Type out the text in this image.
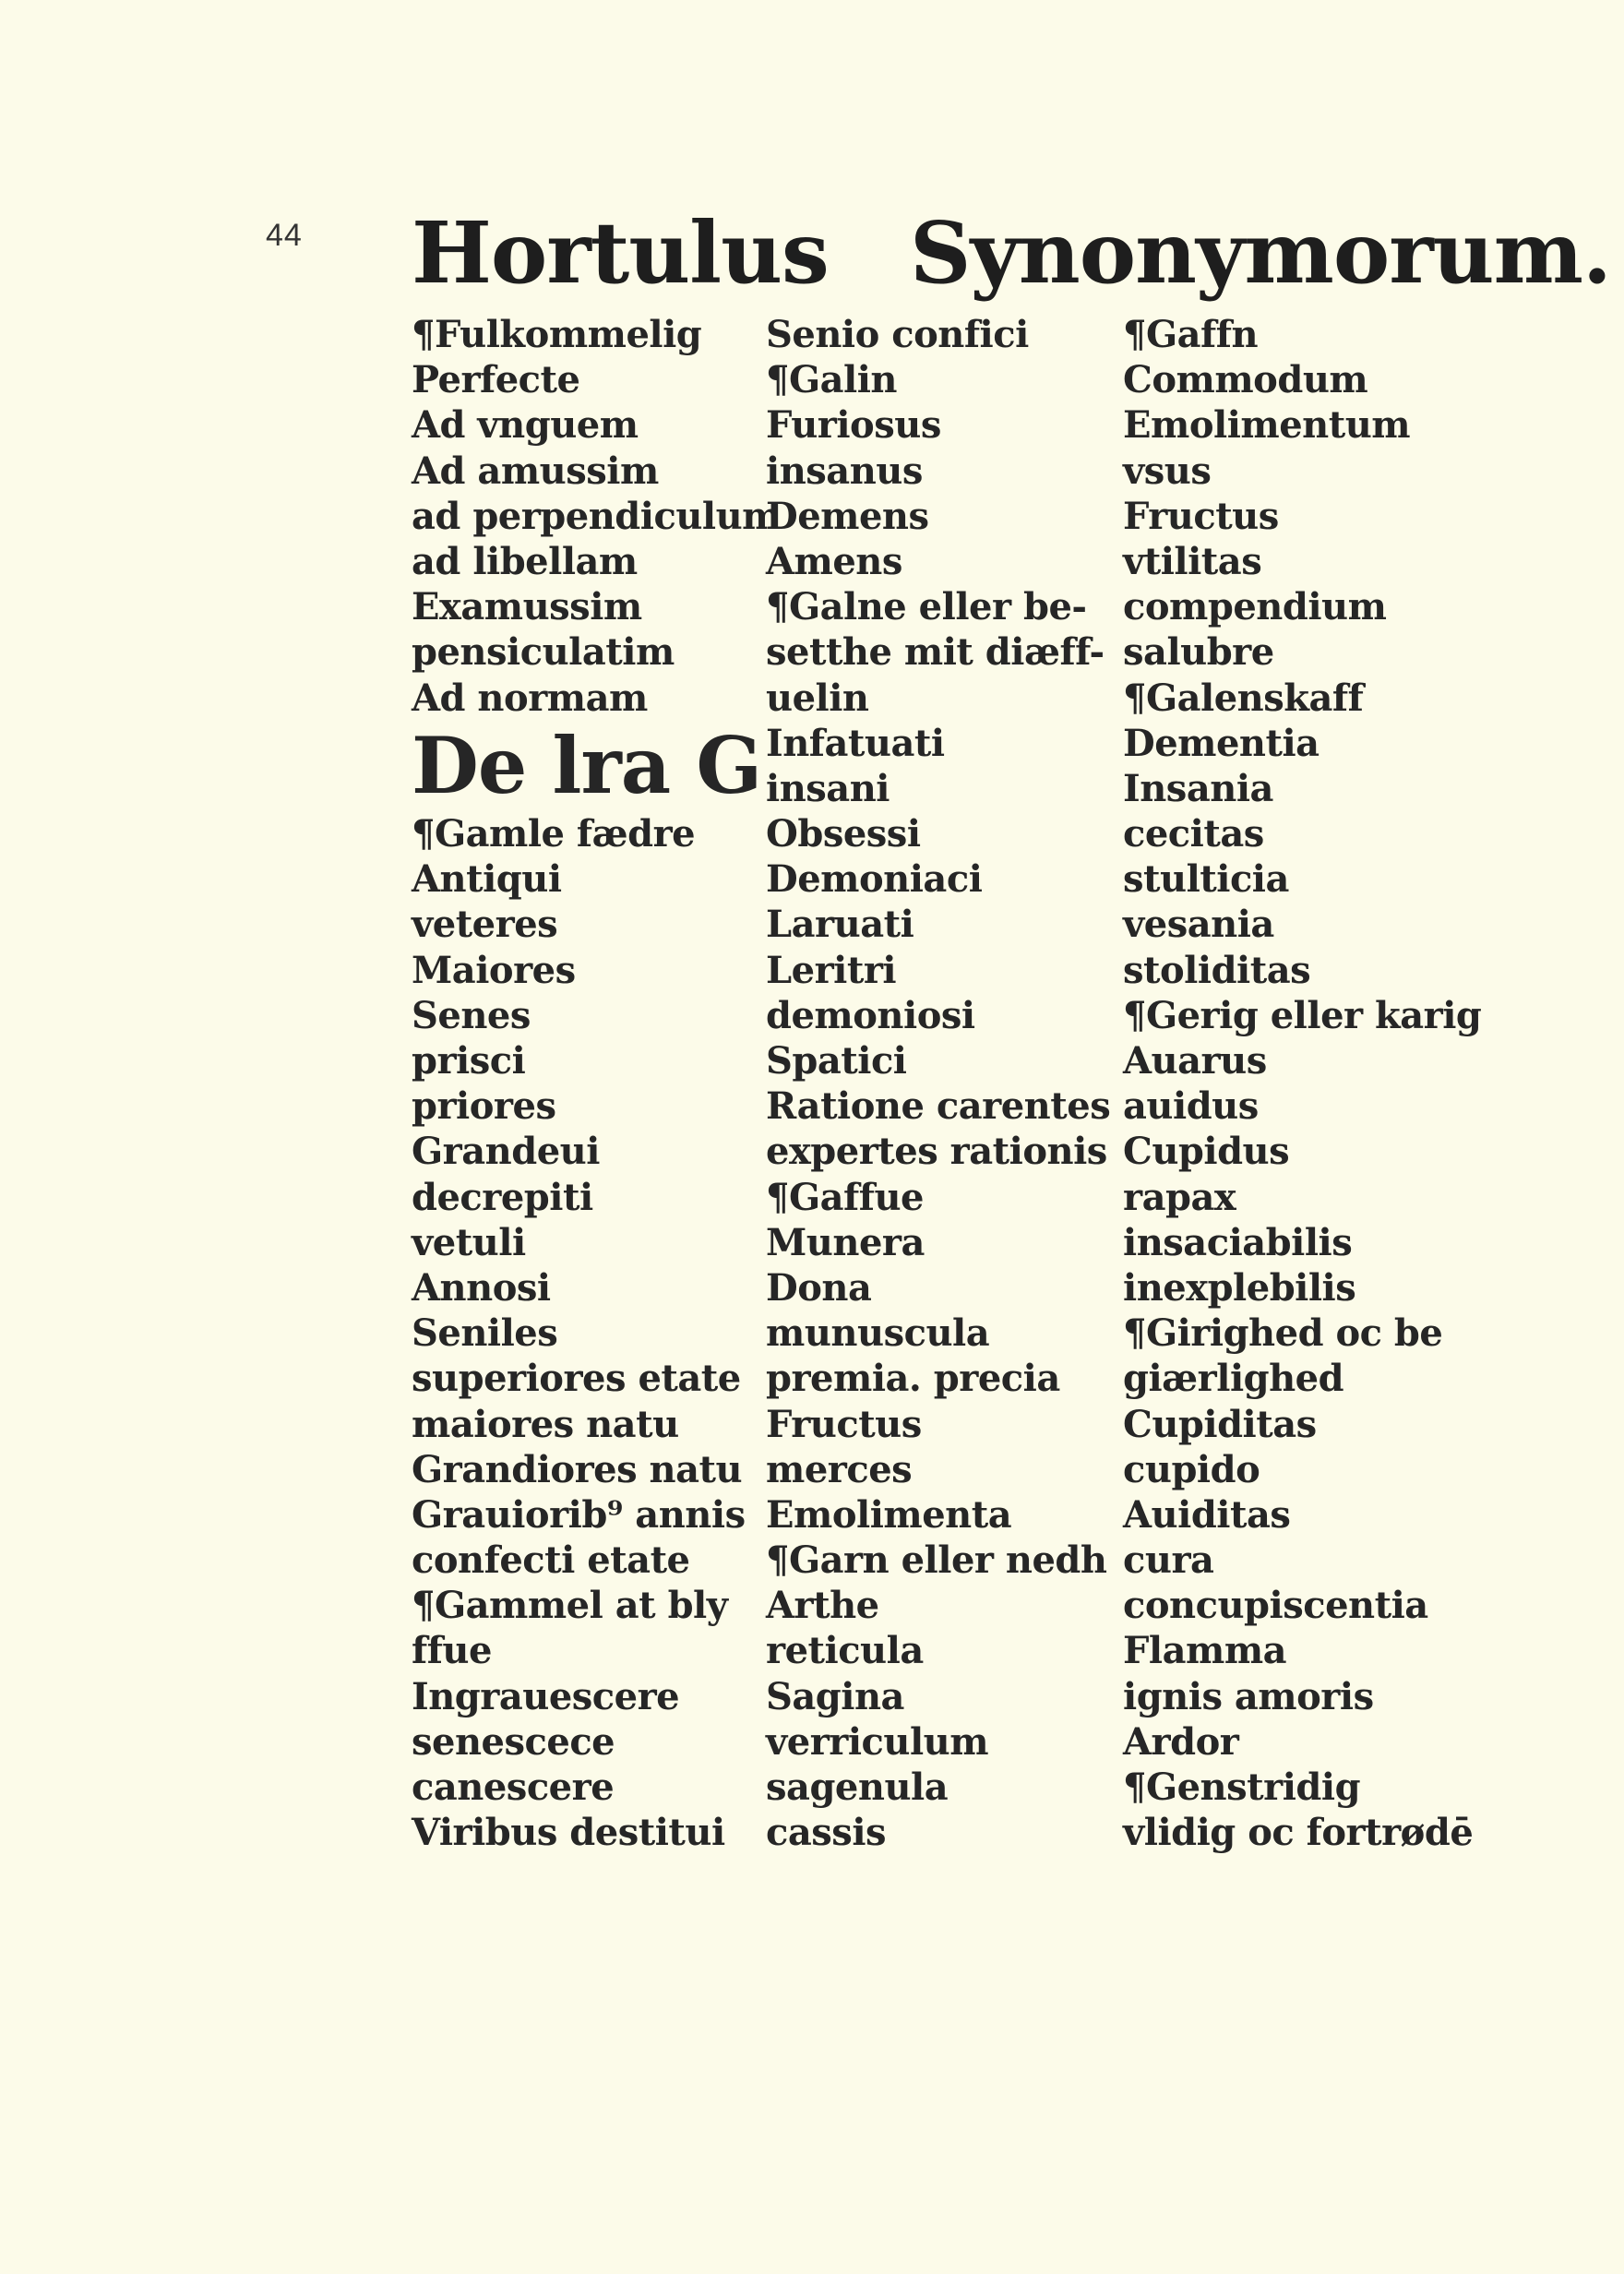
44 Hortulus Synonymorum.
¶Fulkommelig
Perfecte
Ad vnguem
Ad amussim
ad perpendiculum
ad libellam
Examussim
pensiculatim
Ad normam
De lra G
¶Gamle fædre
Antiqui
veteres
Maiores
Senes
prisci
priores
Grandeui
decrepiti
vetuli
Annosi
Seniles
superiores etate
maiores natu
Grandiores natu
Grauiorib⁹ annis
confecti etate
¶Gammel at bly
ffue
Ingrauescere
senescece
canescere
Viribus destitui
Senio confici
¶Galin
Furiosus
insanus
Demens
Amens
¶Galne eller be-
setthe mit diæff-
uelin
Infatuati
insani
Obsessi
Demoniaci
Laruati
Leritri
demoniosi
Spatici
Ratione carentes
expertes rationis
¶Gaffue
Munera
Dona
munuscula
premia. precia
Fructus
merces
Emolimenta
¶Garn eller nedh
Arthe
reticula
Sagina
verriculum
sagenula
cassis
¶Gaffn
Commodum
Emolimentum
vsus
Fructus
vtilitas
compendium
salubre
¶Galenskaff
Dementia
Insania
cecitas
stulticia
vesania
stoliditas
¶Gerig eller karig
Auarus
auidus
Cupidus
rapax
insaciabilis
inexplebilis
¶Girighed oc be
giærlighed
Cupiditas
cupido
Auiditas
cura
concupiscentia
Flamma
ignis amoris
Ardor
¶Genstridig
vlidig oc fortrødē
